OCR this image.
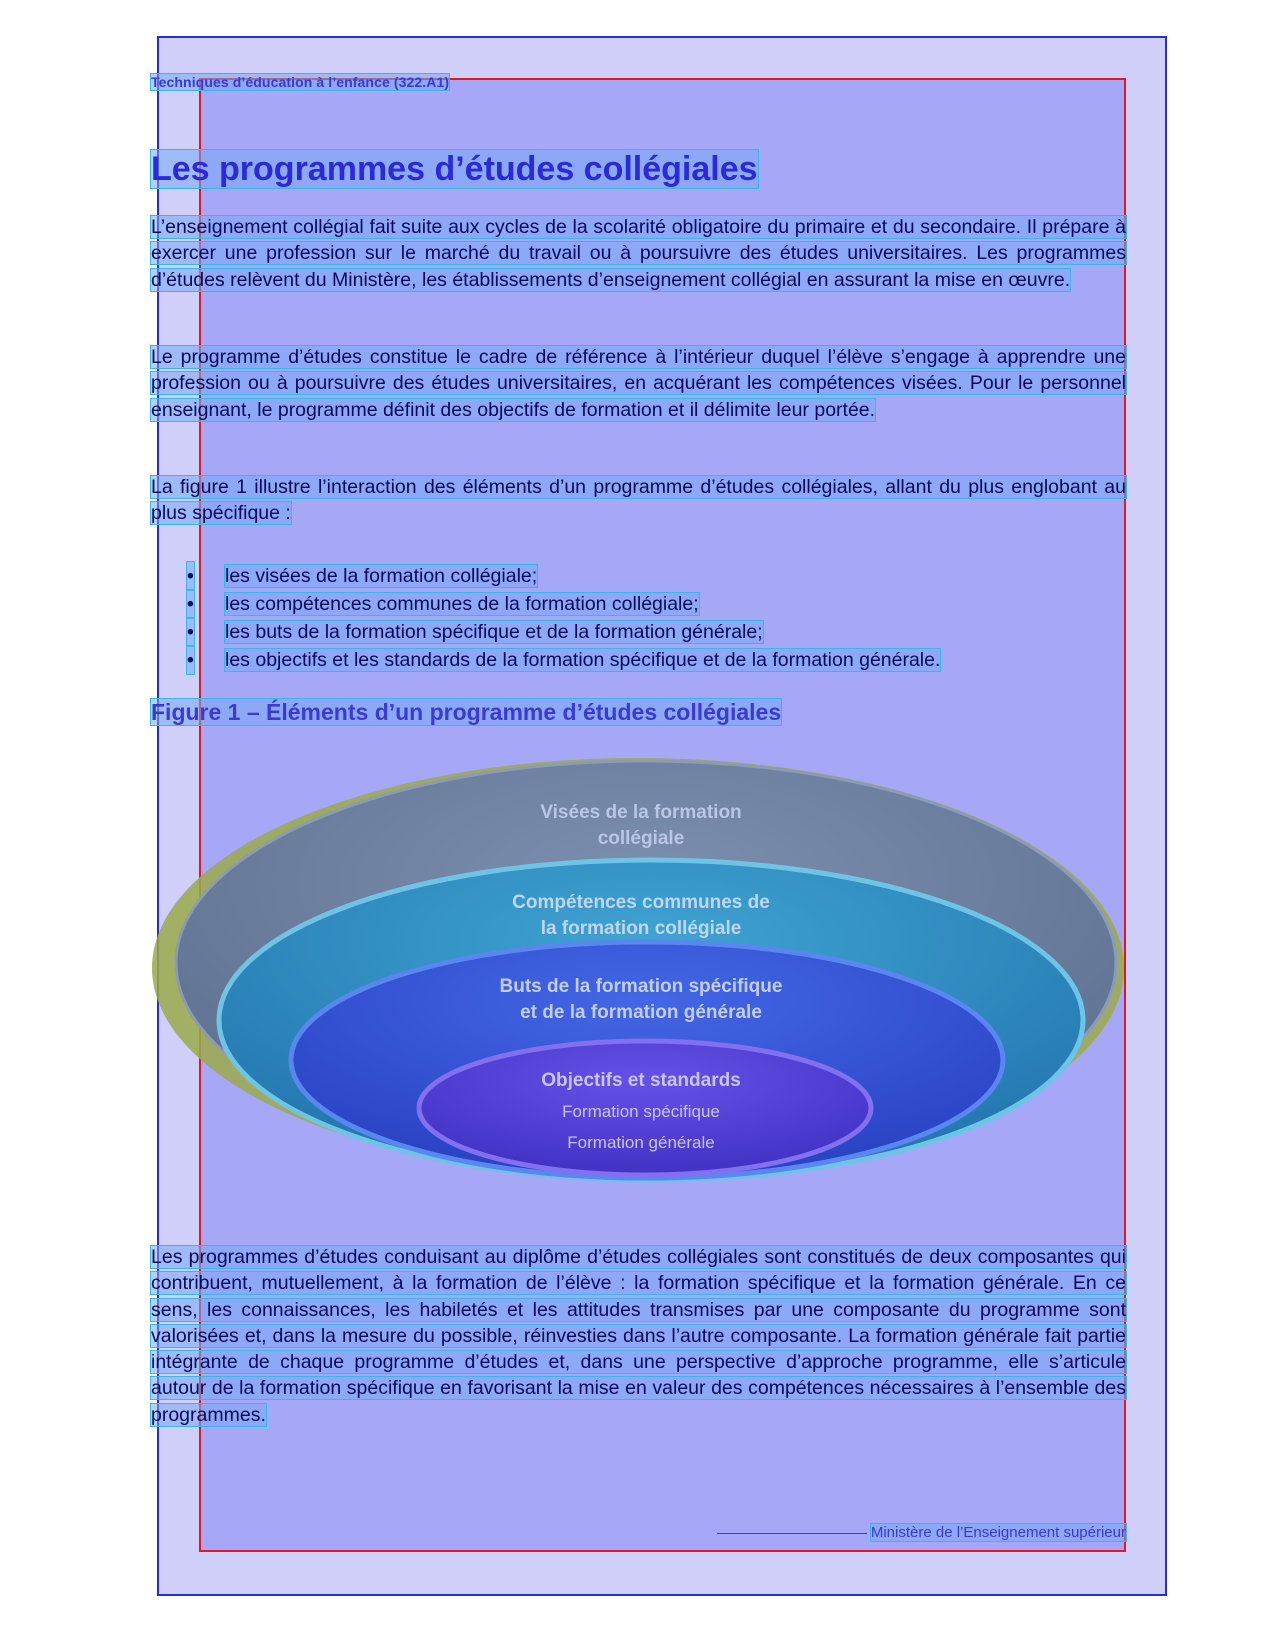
Techniques d’éducation à l’enfance (322.A1)
Les programmes d’études collégiales

L’enseignement collégial fait suite aux cycles de la scolarité obligatoire du primaire et du secondaire. Il prépare à exercer une profession sur le marché du travail ou à poursuivre des études universitaires. Les programmes d’études relèvent du Ministère, les établissements d’enseignement collégial en assurant la mise en œuvre.

Le programme d’études constitue le cadre de référence à l’intérieur duquel l’élève s’engage à apprendre une profession ou à poursuivre des études universitaires, en acquérant les compétences visées. Pour le personnel enseignant, le programme définit des objectifs de formation et il délimite leur portée.

La figure 1 illustre l’interaction des éléments d’un programme d’études collégiales, allant du plus englobant au plus spécifique :

• les visées de la formation collégiale;
• les compétences communes de la formation collégiale;
• les buts de la formation spécifique et de la formation générale;
• les objectifs et les standards de la formation spécifique et de la formation générale.
Figure 1 – Éléments d’un programme d’études collégiales
Visées de la formation
collégiale
Compétences communes de
la formation collégiale
Buts de la formation spécifique
et de la formation générale
Objectifs et standards
Formation spécifique
Formation générale

Les programmes d’études conduisant au diplôme d’études collégiales sont constitués de deux composantes qui contribuent, mutuellement, à la formation de l’élève : la formation spécifique et la formation générale. En ce sens, les connaissances, les habiletés et les attitudes transmises par une composante du programme sont valorisées et, dans la mesure du possible, réinvesties dans l’autre composante. La formation générale fait partie intégrante de chaque programme d’études et, dans une perspective d’approche programme, elle s’articule autour de la formation spécifique en favorisant la mise en valeur des compétences nécessaires à l’ensemble des programmes.

Ministère de l’Enseignement supérieur
